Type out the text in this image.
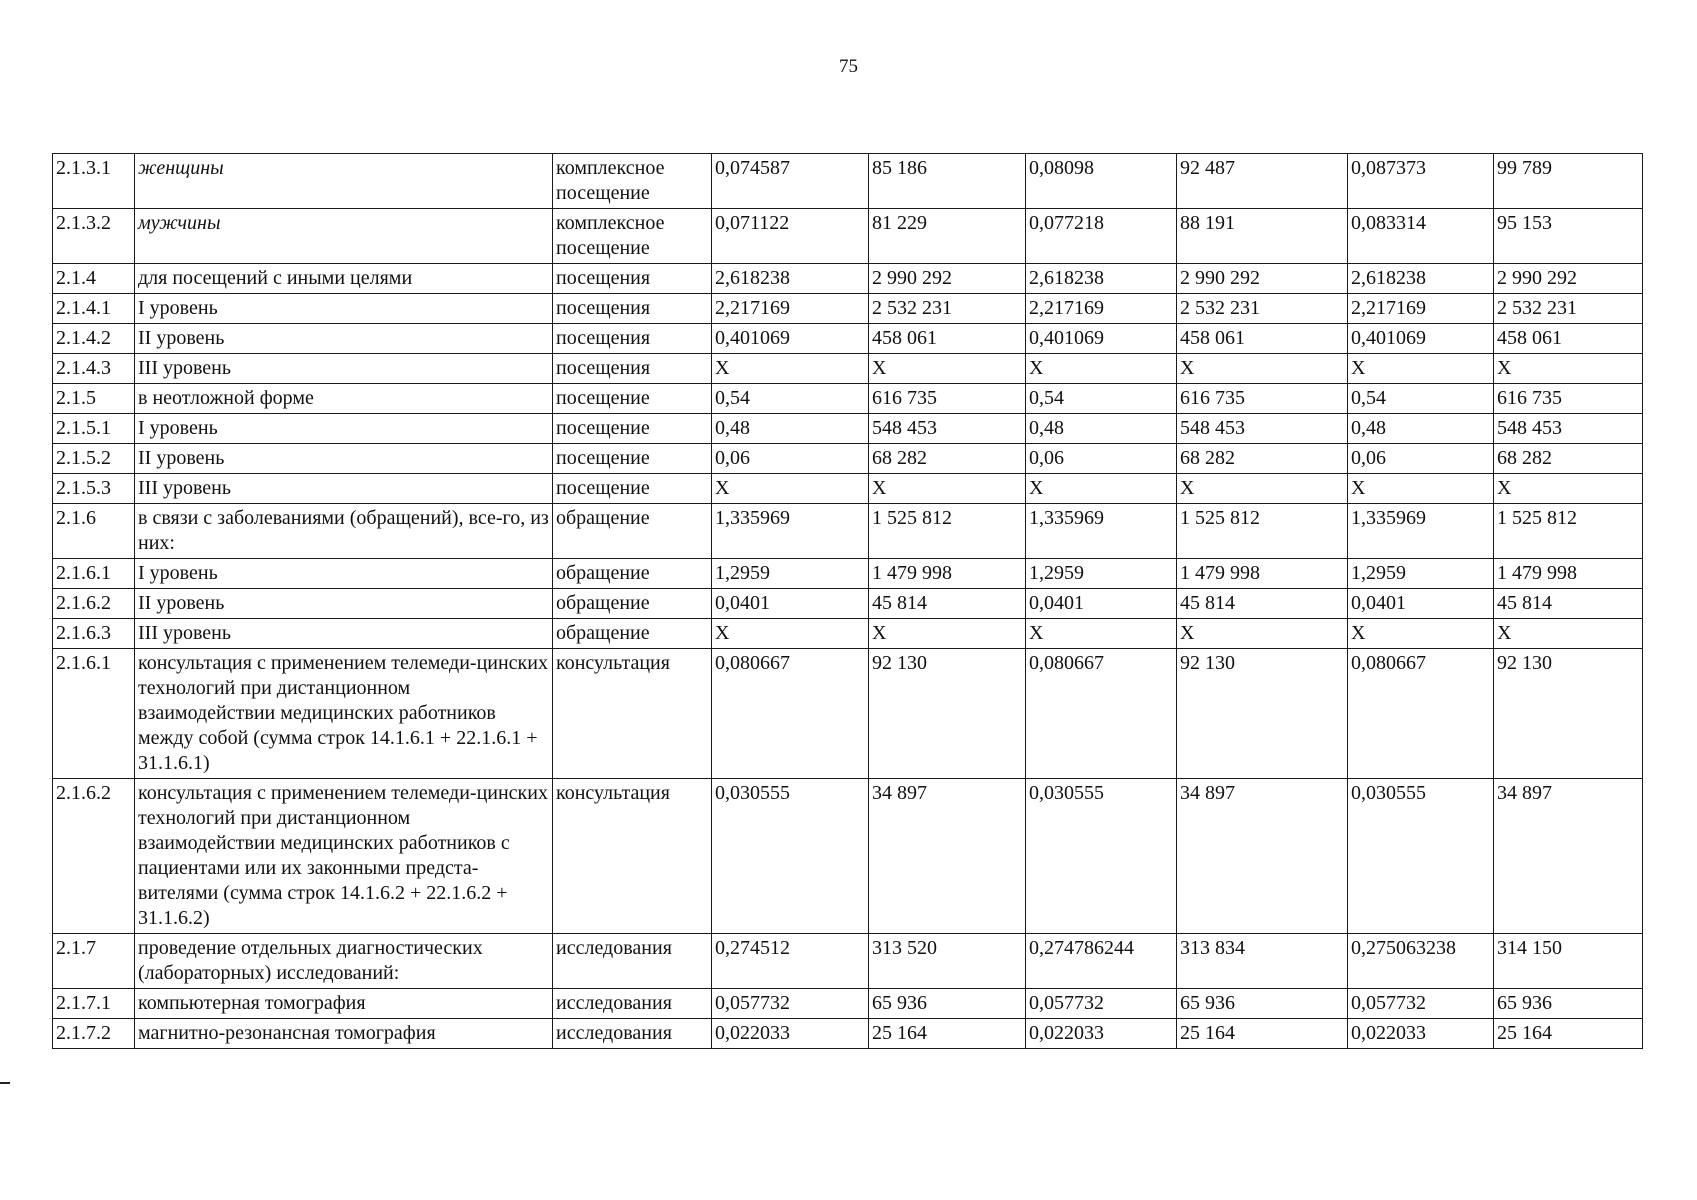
75
2.1.3.1	женщины	комплексное посещение	0,074587	85 186	0,08098	92 487	0,087373	99 789
2.1.3.2	мужчины	комплексное посещение	0,071122	81 229	0,077218	88 191	0,083314	95 153
2.1.4	для посещений с иными целями	посещения	2,618238	2 990 292	2,618238	2 990 292	2,618238	2 990 292
2.1.4.1	I уровень	посещения	2,217169	2 532 231	2,217169	2 532 231	2,217169	2 532 231
2.1.4.2	II уровень	посещения	0,401069	458 061	0,401069	458 061	0,401069	458 061
2.1.4.3	III уровень	посещения	X	X	X	X	X	X
2.1.5	в неотложной форме	посещение	0,54	616 735	0,54	616 735	0,54	616 735
2.1.5.1	I уровень	посещение	0,48	548 453	0,48	548 453	0,48	548 453
2.1.5.2	II уровень	посещение	0,06	68 282	0,06	68 282	0,06	68 282
2.1.5.3	III уровень	посещение	X	X	X	X	X	X
2.1.6	в связи с заболеваниями (обращений), все-го, из них:	обращение	1,335969	1 525 812	1,335969	1 525 812	1,335969	1 525 812
2.1.6.1	I уровень	обращение	1,2959	1 479 998	1,2959	1 479 998	1,2959	1 479 998
2.1.6.2	II уровень	обращение	0,0401	45 814	0,0401	45 814	0,0401	45 814
2.1.6.3	III уровень	обращение	X	X	X	X	X	X
2.1.6.1	консультация с применением телемеди-цинских технологий при дистанционном взаимодействии медицинских работников между собой (сумма строк 14.1.6.1 + 22.1.6.1 + 31.1.6.1)	консультация	0,080667	92 130	0,080667	92 130	0,080667	92 130
2.1.6.2	консультация с применением телемеди-цинских технологий при дистанционном взаимодействии медицинских работников с пациентами или их законными предста-вителями (сумма строк 14.1.6.2 + 22.1.6.2 + 31.1.6.2)	консультация	0,030555	34 897	0,030555	34 897	0,030555	34 897
2.1.7	проведение отдельных диагностических (лабораторных) исследований:	исследования	0,274512	313 520	0,274786244	313 834	0,275063238	314 150
2.1.7.1	компьютерная томография	исследования	0,057732	65 936	0,057732	65 936	0,057732	65 936
2.1.7.2	магнитно-резонансная томография	исследования	0,022033	25 164	0,022033	25 164	0,022033	25 164
